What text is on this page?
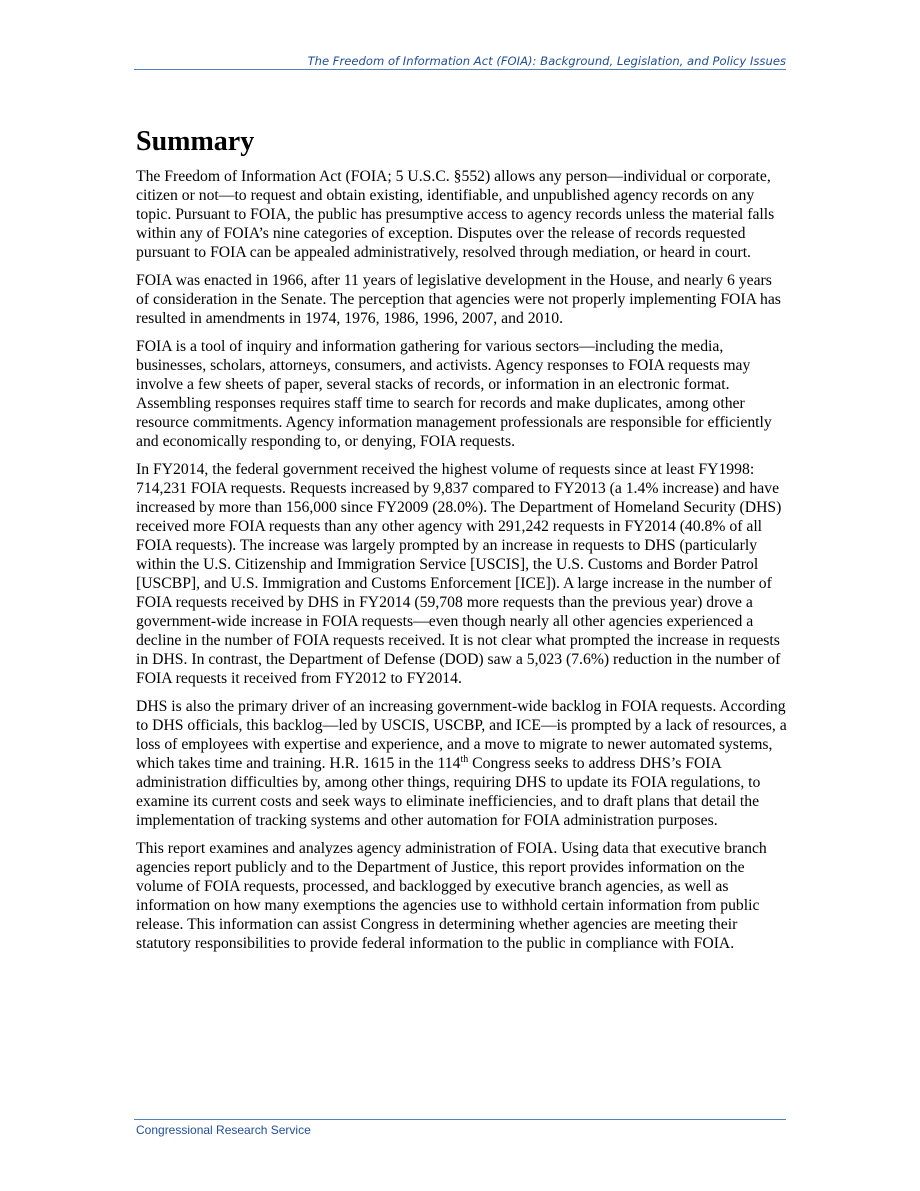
The Freedom of Information Act (FOIA): Background, Legislation, and Policy Issues
Summary

The Freedom of Information Act (FOIA; 5 U.S.C. §552) allows any person—individual or corporate, citizen or not—to request and obtain existing, identifiable, and unpublished agency records on any topic. Pursuant to FOIA, the public has presumptive access to agency records unless the material falls within any of FOIA’s nine categories of exception. Disputes over the release of records requested pursuant to FOIA can be appealed administratively, resolved through mediation, or heard in court.

FOIA was enacted in 1966, after 11 years of legislative development in the House, and nearly 6 years of consideration in the Senate. The perception that agencies were not properly implementing FOIA has resulted in amendments in 1974, 1976, 1986, 1996, 2007, and 2010.

FOIA is a tool of inquiry and information gathering for various sectors—including the media, businesses, scholars, attorneys, consumers, and activists. Agency responses to FOIA requests may involve a few sheets of paper, several stacks of records, or information in an electronic format. Assembling responses requires staff time to search for records and make duplicates, among other resource commitments. Agency information management professionals are responsible for efficiently and economically responding to, or denying, FOIA requests.

In FY2014, the federal government received the highest volume of requests since at least FY1998: 714,231 FOIA requests. Requests increased by 9,837 compared to FY2013 (a 1.4% increase) and have increased by more than 156,000 since FY2009 (28.0%). The Department of Homeland Security (DHS) received more FOIA requests than any other agency with 291,242 requests in FY2014 (40.8% of all FOIA requests). The increase was largely prompted by an increase in requests to DHS (particularly within the U.S. Citizenship and Immigration Service [USCIS], the U.S. Customs and Border Patrol [USCBP], and U.S. Immigration and Customs Enforcement [ICE]). A large increase in the number of FOIA requests received by DHS in FY2014 (59,708 more requests than the previous year) drove a government-wide increase in FOIA requests—even though nearly all other agencies experienced a decline in the number of FOIA requests received. It is not clear what prompted the increase in requests in DHS. In contrast, the Department of Defense (DOD) saw a 5,023 (7.6%) reduction in the number of FOIA requests it received from FY2012 to FY2014.

DHS is also the primary driver of an increasing government-wide backlog in FOIA requests. According to DHS officials, this backlog—led by USCIS, USCBP, and ICE—is prompted by a lack of resources, a loss of employees with expertise and experience, and a move to migrate to newer automated systems, which takes time and training. H.R. 1615 in the 114th Congress seeks to address DHS’s FOIA administration difficulties by, among other things, requiring DHS to update its FOIA regulations, to examine its current costs and seek ways to eliminate inefficiencies, and to draft plans that detail the implementation of tracking systems and other automation for FOIA administration purposes.

This report examines and analyzes agency administration of FOIA. Using data that executive branch agencies report publicly and to the Department of Justice, this report provides information on the volume of FOIA requests, processed, and backlogged by executive branch agencies, as well as information on how many exemptions the agencies use to withhold certain information from public release. This information can assist Congress in determining whether agencies are meeting their statutory responsibilities to provide federal information to the public in compliance with FOIA.

Congressional Research Service
